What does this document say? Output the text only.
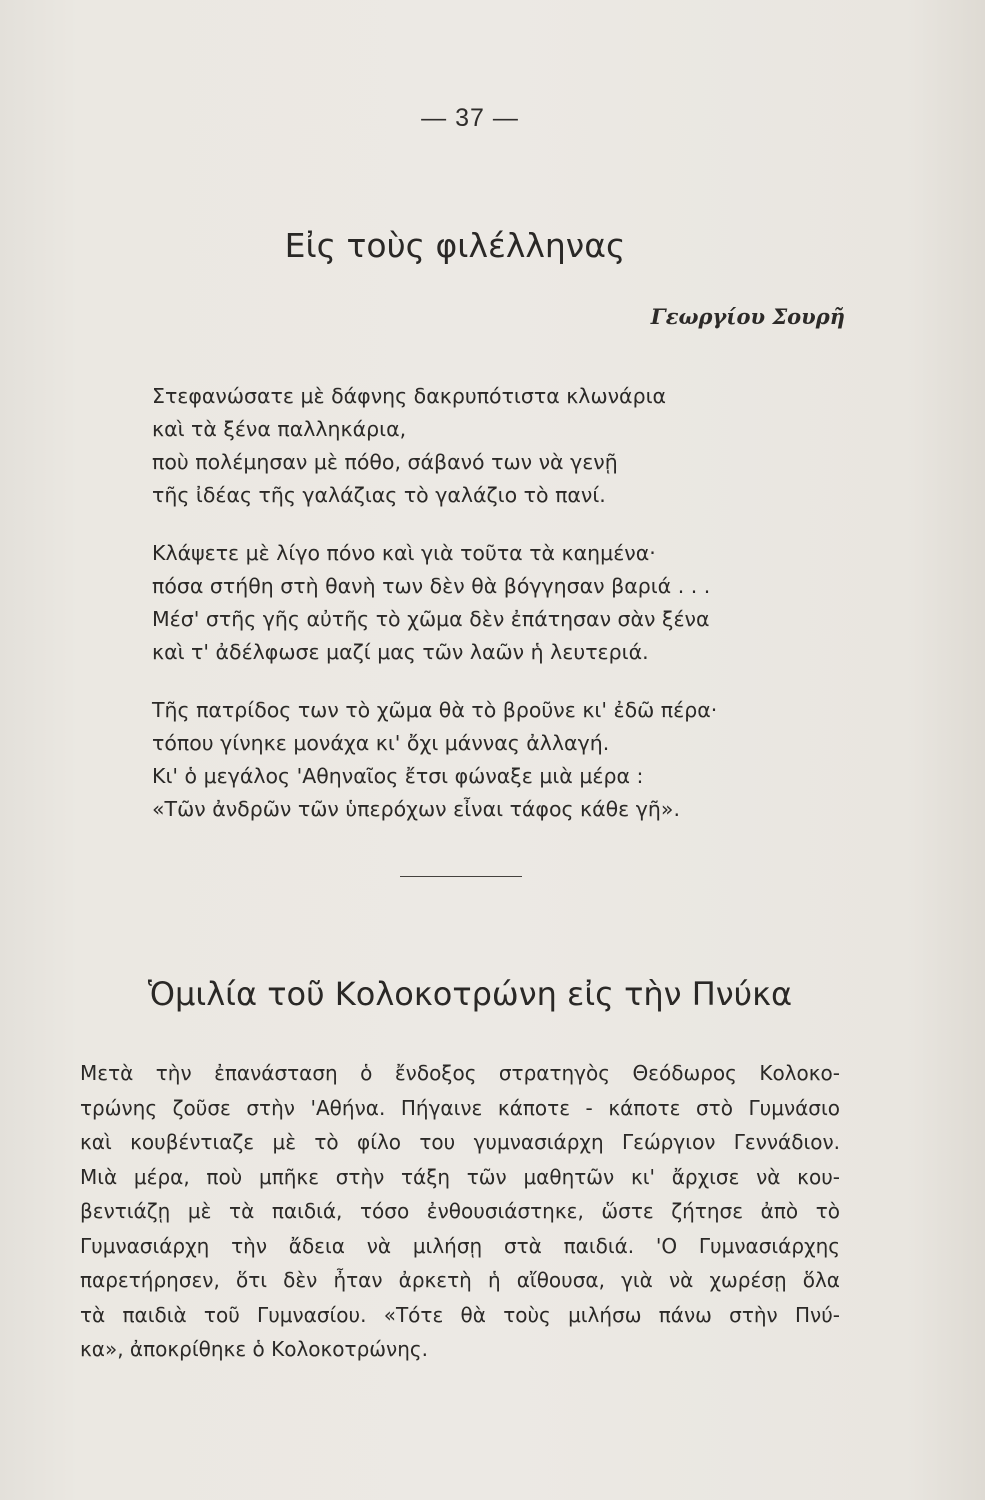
— 37 —
Εἰς τοὺς φιλέλληνας
Γεωργίου Σουρῆ
Στεφανώσατε μὲ δάφνης δακρυπότιστα κλωνάρια
καὶ τὰ ξένα παλληκάρια,
ποὺ πολέμησαν μὲ πόθο, σάβανό των νὰ γενῇ
τῆς ἰδέας τῆς γαλάζιας τὸ γαλάζιο τὸ πανί.
Κλάψετε μὲ λίγο πόνο καὶ γιὰ τοῦτα τὰ καημένα·
πόσα στήθη στὴ θανὴ των δὲν θὰ βόγγησαν βαριά . . .
Μέσ' στῆς γῆς αὐτῆς τὸ χῶμα δὲν ἐπάτησαν σὰν ξένα
καὶ τ' ἀδέλφωσε μαζί μας τῶν λαῶν ἡ λευτεριά.
Τῆς πατρίδος των τὸ χῶμα θὰ τὸ βροῦνε κι' ἐδῶ πέρα·
τόπου γίνηκε μονάχα κι' ὄχι μάννας ἀλλαγή.
Κι' ὁ μεγάλος 'Αθηναῖος ἔτσι φώναξε μιὰ μέρα :
«Τῶν ἀνδρῶν τῶν ὑπερόχων εἶναι τάφος κάθε γῆ».
Ὁμιλία τοῦ Κολοκοτρώνη εἰς τὴν Πνύκα
Μετὰ τὴν ἐπανάσταση ὁ ἔνδοξος στρατηγὸς Θεόδωρος Κολοκο-
τρώνης ζοῦσε στὴν 'Αθήνα. Πήγαινε κάποτε - κάποτε στὸ Γυμνάσιο
καὶ κουβέντιαζε μὲ τὸ φίλο του γυμνασιάρχη Γεώργιον Γεννάδιον.
Μιὰ μέρα, ποὺ μπῆκε στὴν τάξη τῶν μαθητῶν κι' ἄρχισε νὰ κου-
βεντιάζῃ μὲ τὰ παιδιά, τόσο ἐνθουσιάστηκε, ὥστε ζήτησε ἀπὸ τὸ
Γυμνασιάρχη τὴν ἄδεια νὰ μιλήσῃ στὰ παιδιά. 'Ο Γυμνασιάρχης
παρετήρησεν, ὅτι δὲν ἦταν ἀρκετὴ ἡ αἴθουσα, γιὰ νὰ χωρέσῃ ὅλα
τὰ παιδιὰ τοῦ Γυμνασίου. «Τότε θὰ τοὺς μιλήσω πάνω στὴν Πνύ-
κα», ἀποκρίθηκε ὁ Κολοκοτρώνης.
